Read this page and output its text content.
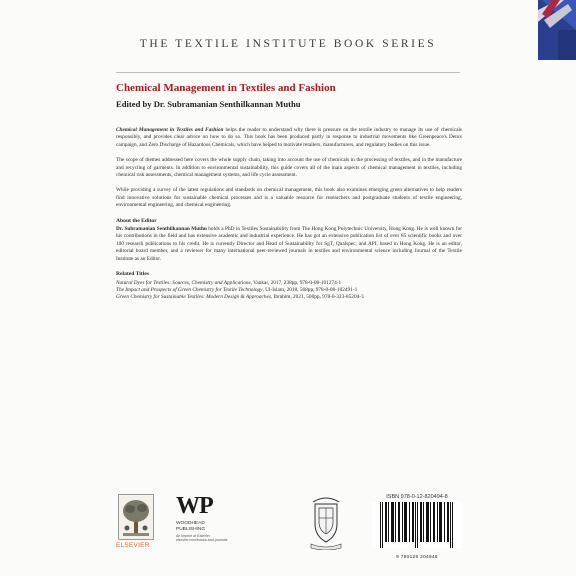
THE TEXTILE INSTITUTE BOOK SERIES
Chemical Management in Textiles and Fashion
Edited by Dr. Subramanian Senthilkannan Muthu

Chemical Management in Textiles and Fashion helps the reader to understand why there is pressure on the textile industry to manage its use of chemicals responsibly, and provides clear advice on how to do so. This book has been produced partly in response to industrial movements like Greenpeace's Detox campaign, and Zero Discharge of Hazardous Chemicals, which have helped to motivate retailers, manufacturers, and regulatory bodies on this issue.

The scope of themes addressed here covers the whole supply chain, taking into account the use of chemicals in the processing of textiles, and in the manufacture and recycling of garments. In addition to environmental sustainability, this guide covers all of the main aspects of chemical management in textiles, including chemical risk assessments, chemical management systems, and life cycle assessment.

While providing a survey of the latest regulations and standards on chemical management, this book also examines emerging green alternatives to help readers find innovative solutions for sustainable chemical processes and is a valuable resource for researchers and postgraduate students of textile engineering, environmental engineering, and chemical engineering.

About the Editor

Dr. Subramanian Senthilkannan Muthu holds a PhD in Textiles Sustainability from The Hong Kong Polytechnic University, Hong Kong. He is well known for his contributions in the field and has extensive academic and industrial experience. He has got an extensive publication list of over 85 scientific books and over 100 research publications to his credit. He is currently Director and Head of Sustainability for SgT, Qualspec, and API, based in Hong Kong. He is an editor, editorial board member, and a reviewer for many international peer-reviewed journals in textiles and environmental science including Journal of the Textile Institute as an Editor.

Related Titles

Natural Dyes for Textiles: Sources, Chemistry and Applications, Vankar, 2017, 238pp, 978-0-08-101274-1

The Impact and Prospects of Green Chemistry for Textile Technology, Ul-Islam, 2018, 568pp, 978-0-08-102491-1

Green Chemistry for Sustainable Textiles: Modern Design & Approaches, Ibrahim, 2021, 500pp, 978-0-323-85204-3

ELSEVIER
WP
WOODHEAD
PUBLISHING
An imprint of Elsevier
elsevier.com/books-and-journals
ISBN 978-0-12-820494-8
9 780128 204948
